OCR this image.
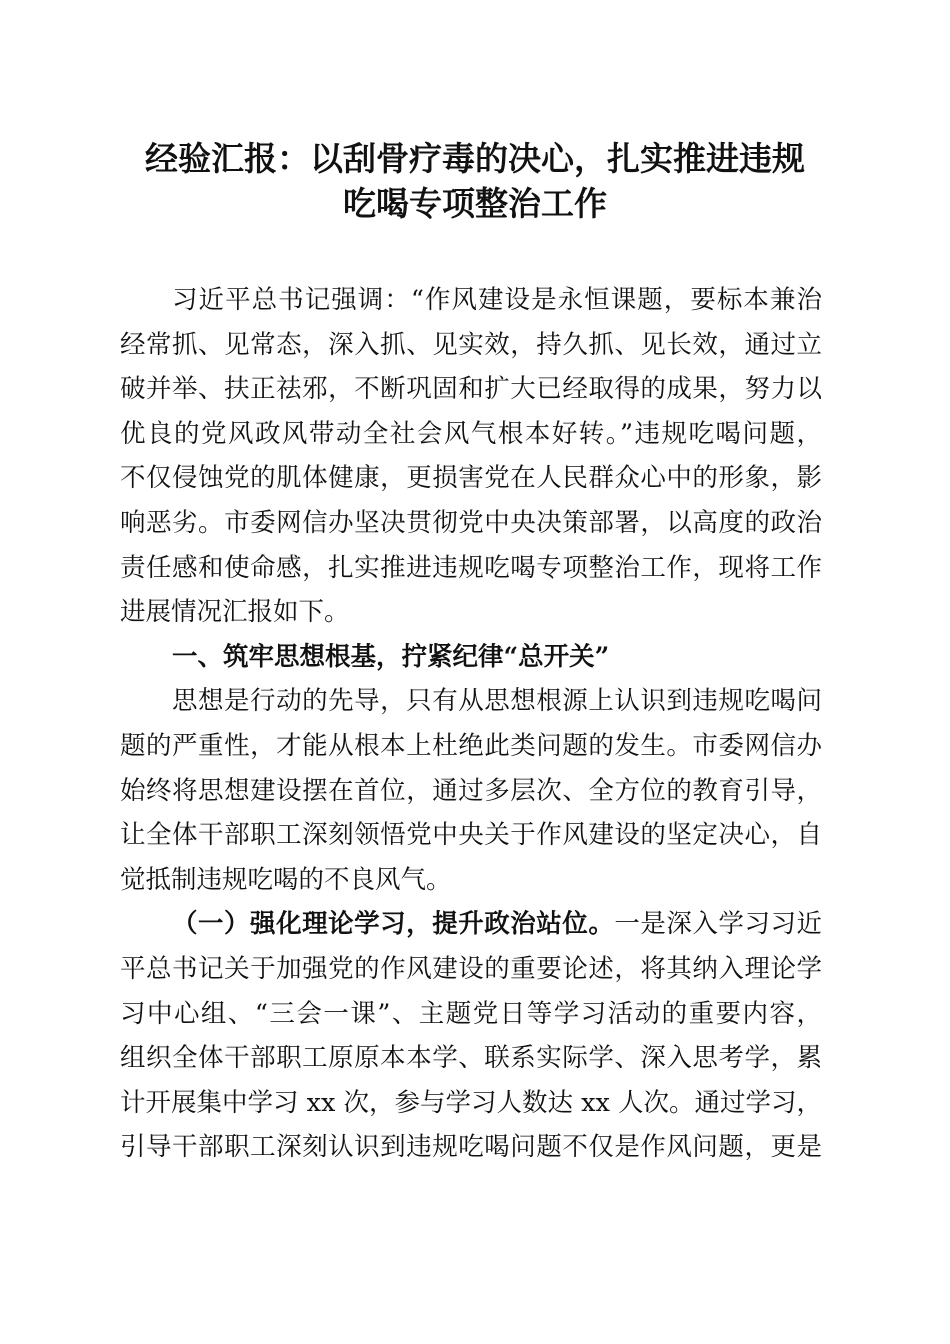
经验汇报：以刮骨疗毒的决心，扎实推进违规
吃喝专项整治工作
习近平总书记强调：“作风建设是永恒课题，要标本兼治
经常抓、见常态，深入抓、见实效，持久抓、见长效，通过立
破并举、扶正祛邪，不断巩固和扩大已经取得的成果，努力以
优良的党风政风带动全社会风气根本好转。”违规吃喝问题，
不仅侵蚀党的肌体健康，更损害党在人民群众心中的形象，影
响恶劣。市委网信办坚决贯彻党中央决策部署，以高度的政治
责任感和使命感，扎实推进违规吃喝专项整治工作，现将工作
进展情况汇报如下。
一、筑牢思想根基，拧紧纪律“总开关”
思想是行动的先导，只有从思想根源上认识到违规吃喝问
题的严重性，才能从根本上杜绝此类问题的发生。市委网信办
始终将思想建设摆在首位，通过多层次、全方位的教育引导，
让全体干部职工深刻领悟党中央关于作风建设的坚定决心，自
觉抵制违规吃喝的不良风气。
（一）强化理论学习，提升政治站位。一是深入学习习近
平总书记关于加强党的作风建设的重要论述，将其纳入理论学
习中心组、“三会一课”、主题党日等学习活动的重要内容，
组织全体干部职工原原本本学、联系实际学、深入思考学，累
计开展集中学习 xx 次，参与学习人数达 xx 人次。通过学习，
引导干部职工深刻认识到违规吃喝问题不仅是作风问题，更是
